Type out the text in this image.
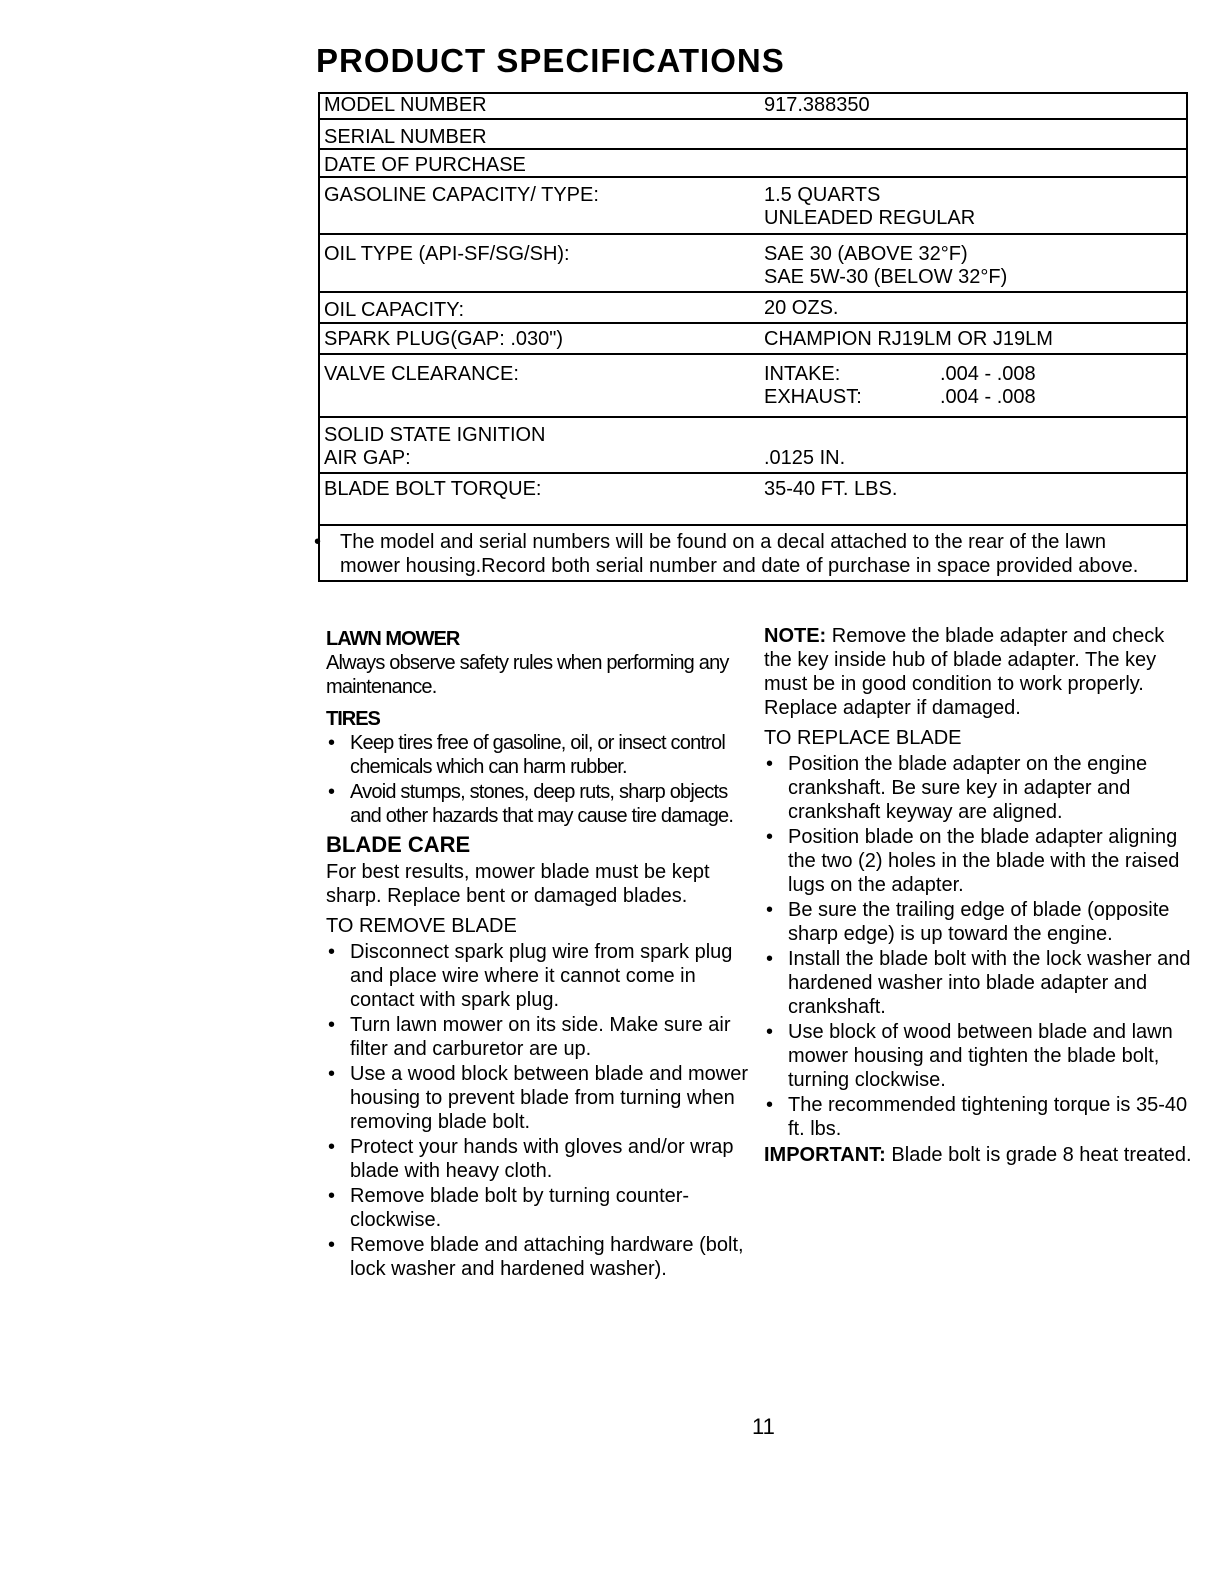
PRODUCT SPECIFICATIONS
MODEL NUMBER	917.388350
SERIAL NUMBER
DATE OF PURCHASE
GASOLINE CAPACITY/ TYPE:	1.5 QUARTS
UNLEADED REGULAR
OIL TYPE (API-SF/SG/SH):	SAE 30 (ABOVE 32°F)
SAE 5W-30 (BELOW 32°F)
OIL CAPACITY:	20 OZS.
SPARK PLUG(GAP: .030")	CHAMPION RJ19LM OR J19LM
VALVE CLEARANCE:	INTAKE:	.004 - .008
EXHAUST:	.004 - .008
SOLID STATE IGNITION
AIR GAP:	.0125 IN.
BLADE BOLT TORQUE:	35-40 FT. LBS.
• The model and serial numbers will be found on a decal attached to the rear of the lawn mower housing.Record both serial number and date of purchase in space provided above.
LAWN MOWER
Always observe safety rules when performing any maintenance.
TIRES
• Keep tires free of gasoline, oil, or insect control chemicals which can harm rubber.
• Avoid stumps, stones, deep ruts, sharp objects and other hazards that may cause tire damage.
BLADE CARE
For best results, mower blade must be kept sharp. Replace bent or damaged blades.
TO REMOVE BLADE
• Disconnect spark plug wire from spark plug and place wire where it cannot come in contact with spark plug.
• Turn lawn mower on its side. Make sure air filter and carburetor are up.
• Use a wood block between blade and mower housing to prevent blade from turning when removing blade bolt.
• Protect your hands with gloves and/or wrap blade with heavy cloth.
• Remove blade bolt by turning counter-clockwise.
• Remove blade and attaching hardware (bolt, lock washer and hardened washer).
NOTE: Remove the blade adapter and check the key inside hub of blade adapter. The key must be in good condition to work properly. Replace adapter if damaged.
TO REPLACE BLADE
• Position the blade adapter on the engine crankshaft. Be sure key in adapter and crankshaft keyway are aligned.
• Position blade on the blade adapter aligning the two (2) holes in the blade with the raised lugs on the adapter.
• Be sure the trailing edge of blade (opposite sharp edge) is up toward the engine.
• Install the blade bolt with the lock washer and hardened washer into blade adapter and crankshaft.
• Use block of wood between blade and lawn mower housing and tighten the blade bolt, turning clockwise.
• The recommended tightening torque is 35-40 ft. lbs.
IMPORTANT: Blade bolt is grade 8 heat treated.
11
